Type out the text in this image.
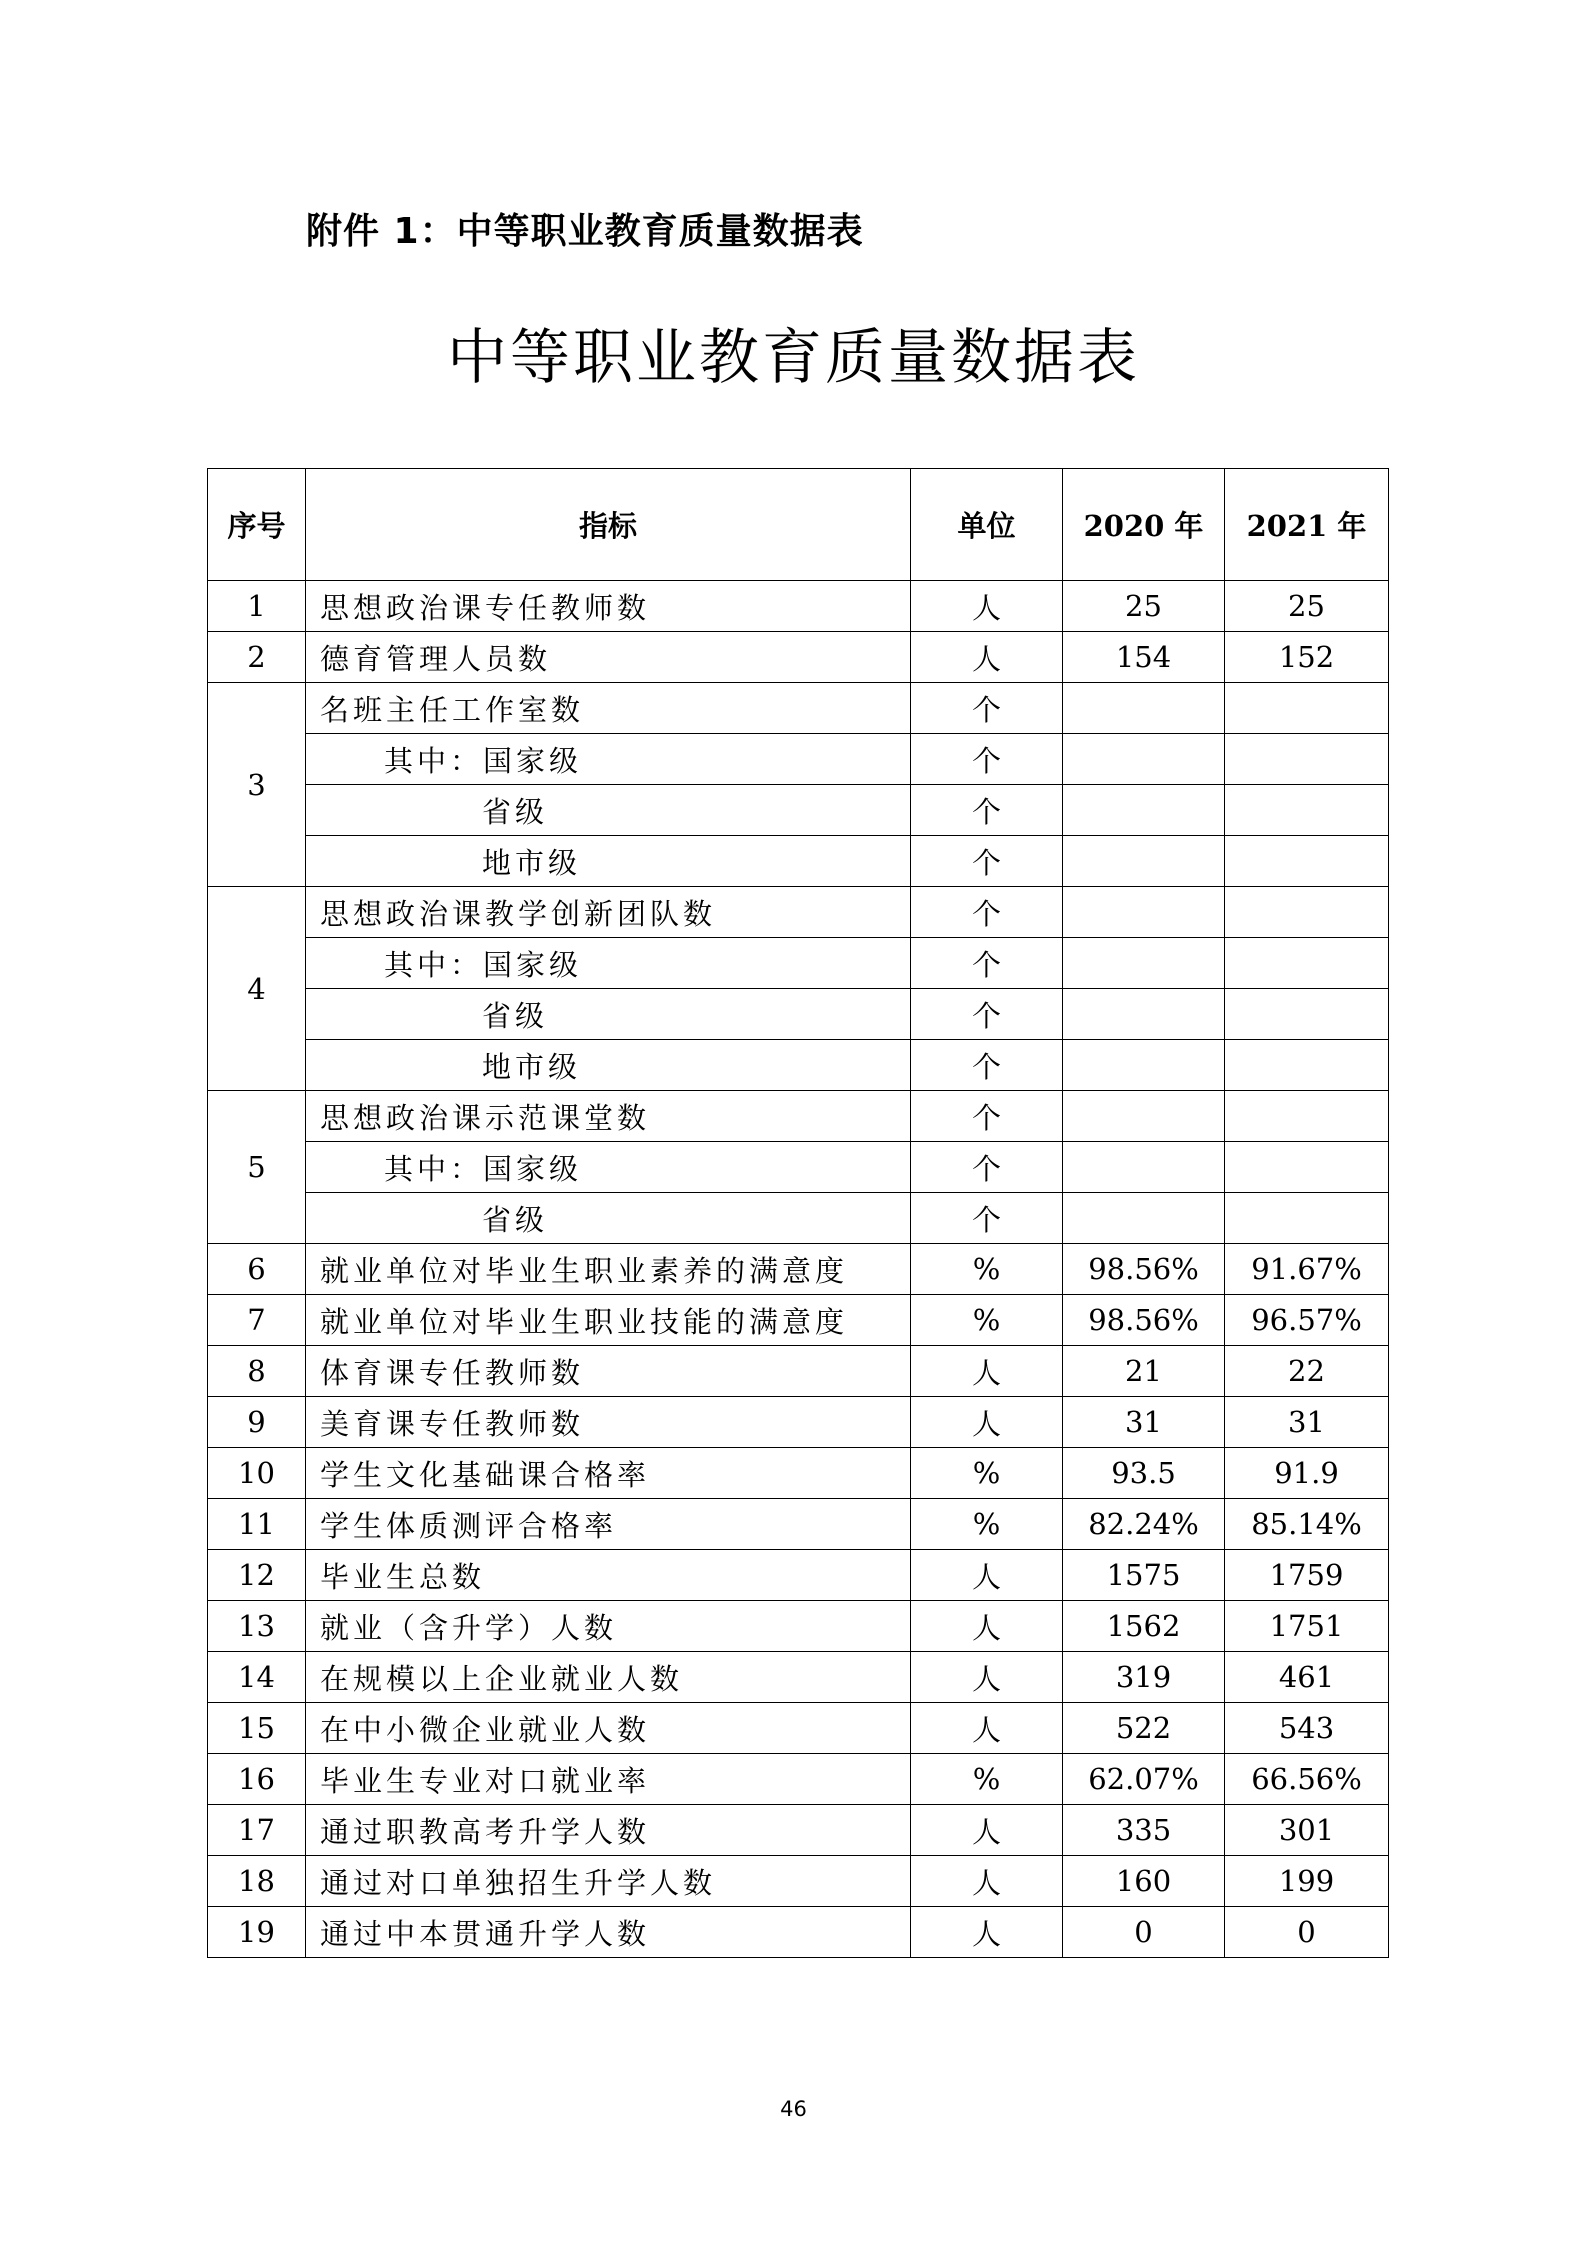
附件 1：中等职业教育质量数据表
中等职业教育质量数据表
序号	指标	单位	2020 年	2021 年
1	思想政治课专任教师数	人	25	25
2	德育管理人员数	人	154	152
3	名班主任工作室数	个		
	其中：国家级	个		
	省级	个		
	地市级	个		
4	思想政治课教学创新团队数	个		
	其中：国家级	个		
	省级	个		
	地市级	个		
5	思想政治课示范课堂数	个		
	其中：国家级	个		
	省级	个		
6	就业单位对毕业生职业素养的满意度	%	98.56%	91.67%
7	就业单位对毕业生职业技能的满意度	%	98.56%	96.57%
8	体育课专任教师数	人	21	22
9	美育课专任教师数	人	31	31
10	学生文化基础课合格率	%	93.5	91.9
11	学生体质测评合格率	%	82.24%	85.14%
12	毕业生总数	人	1575	1759
13	就业（含升学）人数	人	1562	1751
14	在规模以上企业就业人数	人	319	461
15	在中小微企业就业人数	人	522	543
16	毕业生专业对口就业率	%	62.07%	66.56%
17	通过职教高考升学人数	人	335	301
18	通过对口单独招生升学人数	人	160	199
19	通过中本贯通升学人数	人	0	0
46
